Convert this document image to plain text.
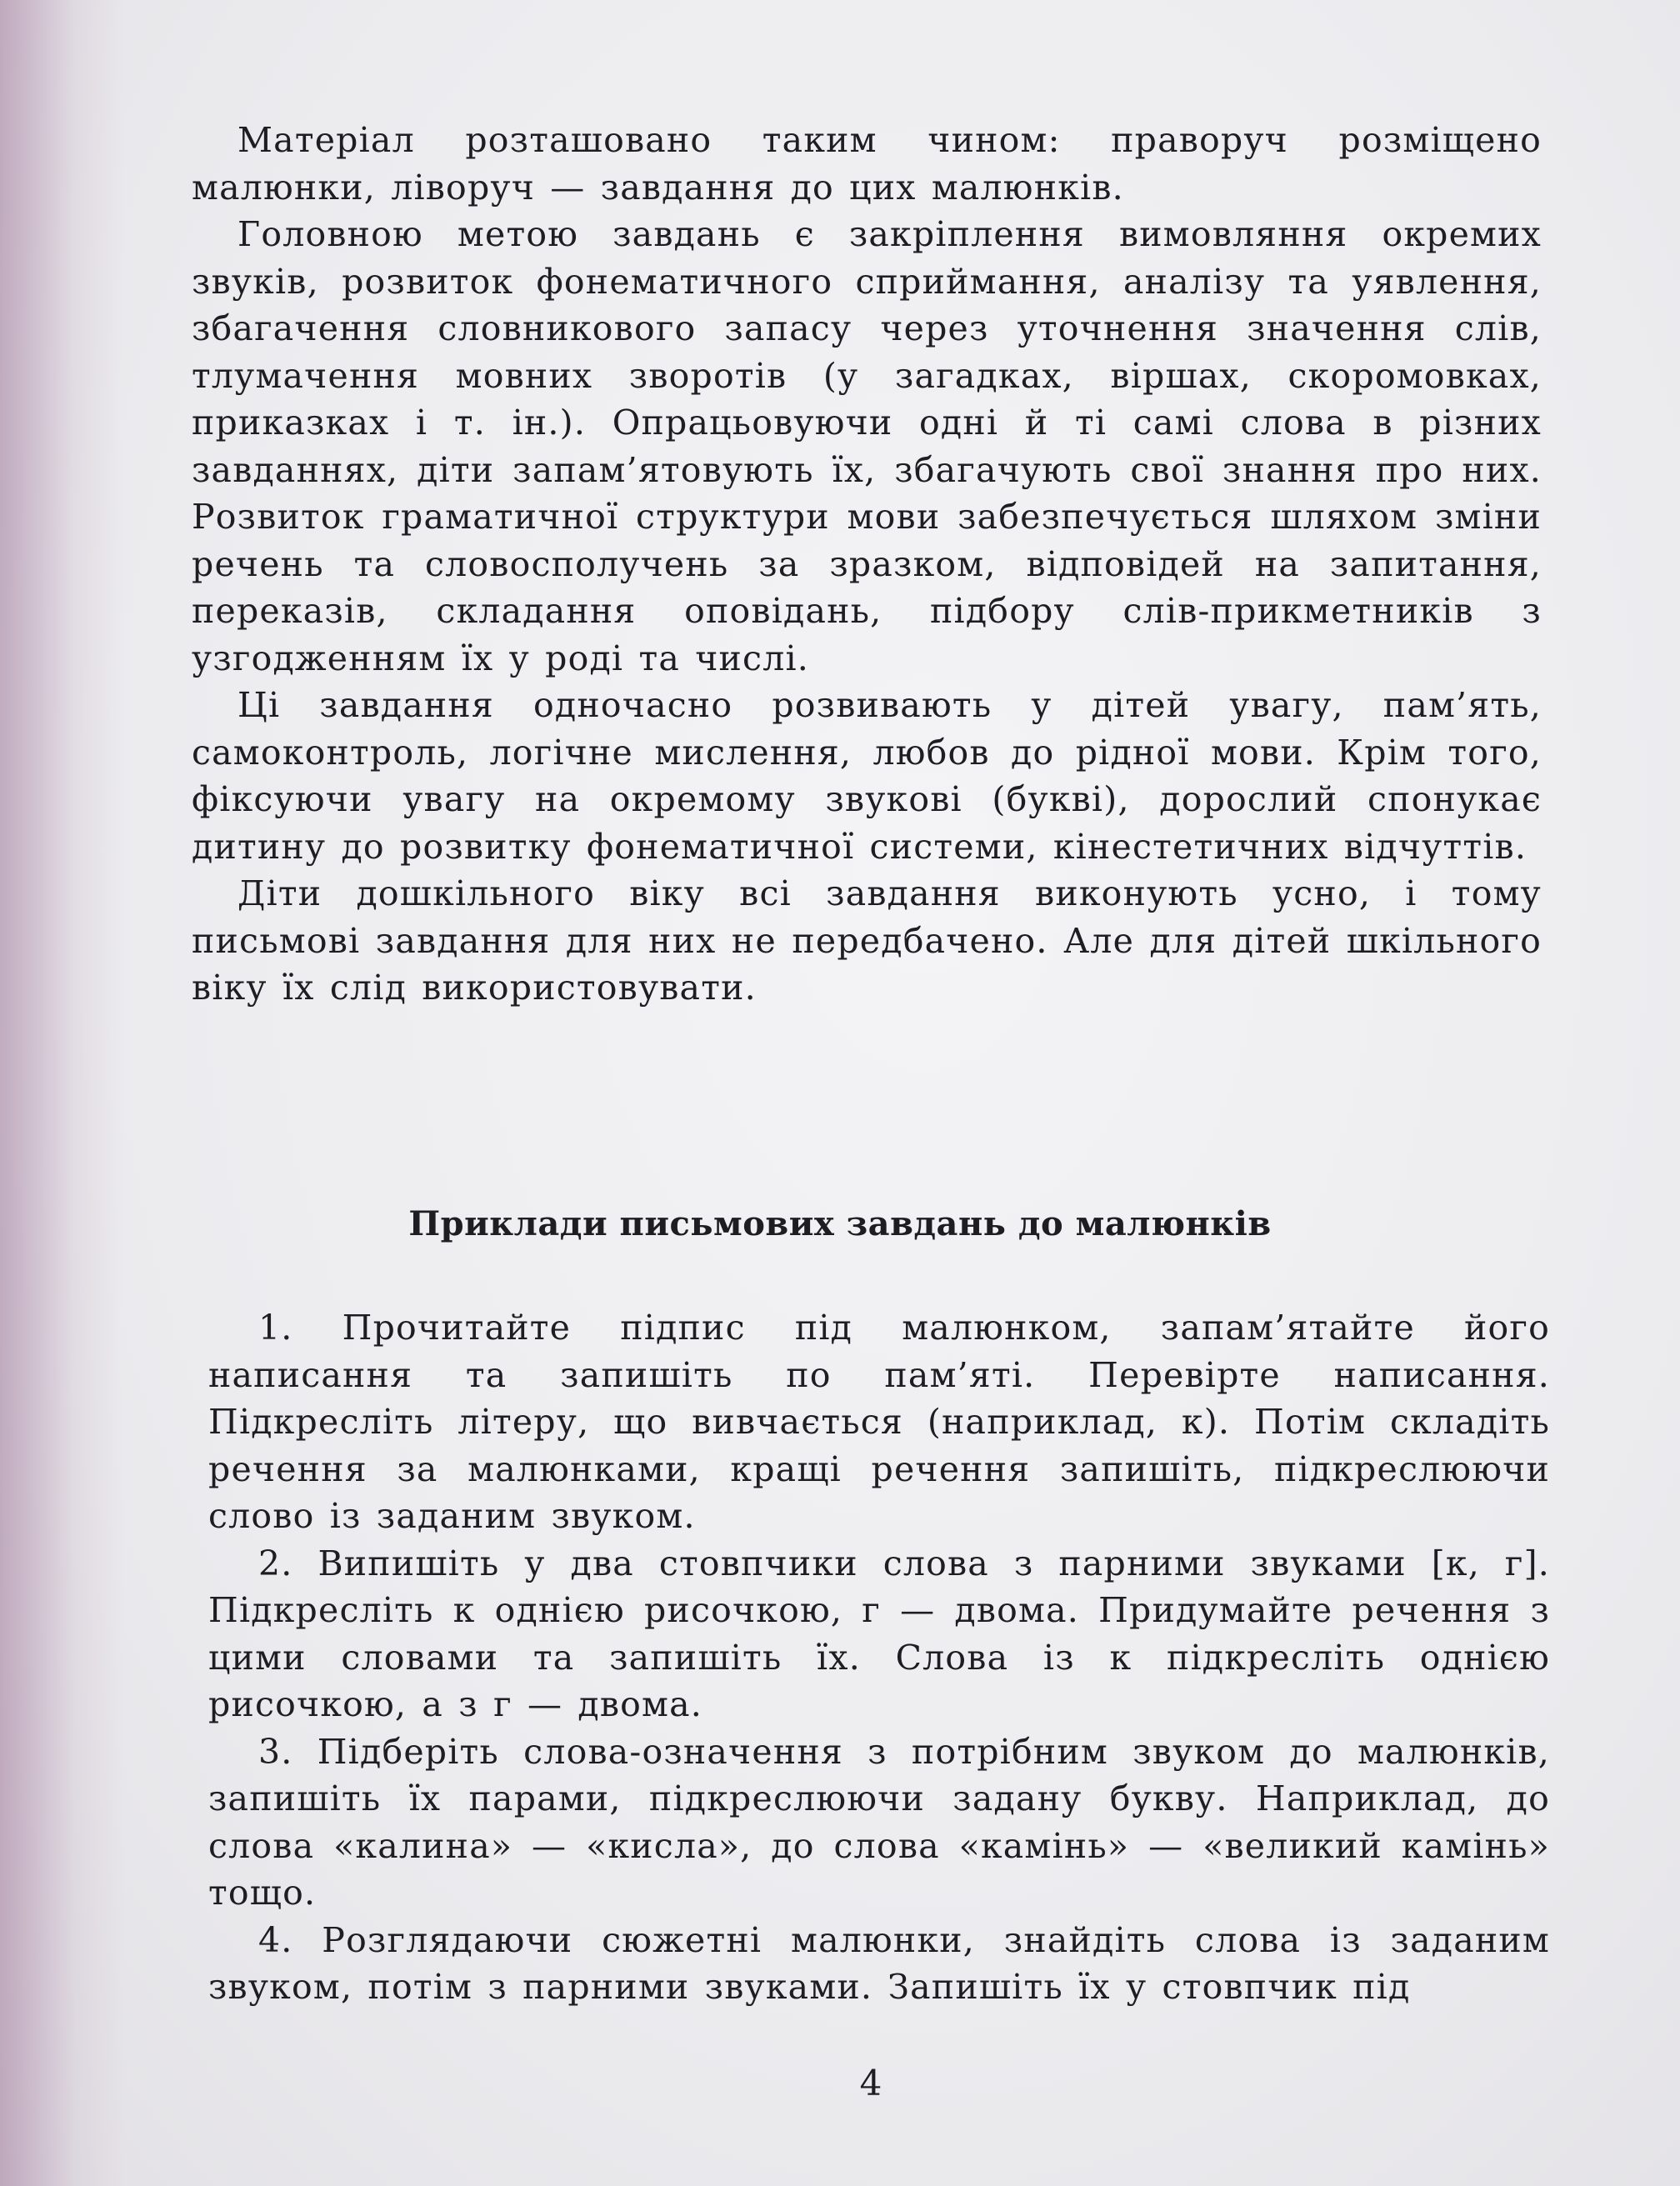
Матеріал розташовано таким чином: праворуч розміщено малюнки, ліворуч — завдання до цих малюнків.

Головною метою завдань є закріплення вимовляння окремих звуків, розвиток фонематичного сприймання, аналізу та уявлення, збагачення словникового запасу через уточнення значення слів, тлумачення мовних зворотів (у загадках, віршах, скоромовках, приказках і т. ін.). Опрацьовуючи одні й ті самі слова в різних завданнях, діти запам’ятовують їх, збагачують свої знання про них. Розвиток граматичної структури мови забезпечується шляхом зміни речень та словосполучень за зразком, відповідей на запитання, переказів, складання оповідань, підбору слів-прикметників з узгодженням їх у роді та числі.

Ці завдання одночасно розвивають у дітей увагу, пам’ять, самоконтроль, логічне мислення, любов до рідної мови. Крім того, фіксуючи увагу на окремому звукові (букві), дорослий спонукає дитину до розвитку фонематичної системи, кінестетичних відчуттів.

Діти дошкільного віку всі завдання виконують усно, і тому письмові завдання для них не передбачено. Але для дітей шкільного віку їх слід використовувати.

Приклади письмових завдань до малюнків

1. Прочитайте підпис під малюнком, запам’ятайте його написання та запишіть по пам’яті. Перевірте написання. Підкресліть літеру, що вивчається (наприклад, к). Потім складіть речення за малюнками, кращі речення запишіть, підкреслюючи слово із заданим звуком.

2. Випишіть у два стовпчики слова з парними звуками [к, г]. Підкресліть к однією рисочкою, г — двома. Придумайте речення з цими словами та запишіть їх. Слова із к підкресліть однією рисочкою, а з г — двома.

3. Підберіть слова-означення з потрібним звуком до малюнків, запишіть їх парами, підкреслюючи задану букву. Наприклад, до слова «калина» — «кисла», до слова «камінь» — «великий камінь» тощо.

4. Розглядаючи сюжетні малюнки, знайдіть слова із заданим звуком, потім з парними звуками. Запишіть їх у стовпчик під

4
